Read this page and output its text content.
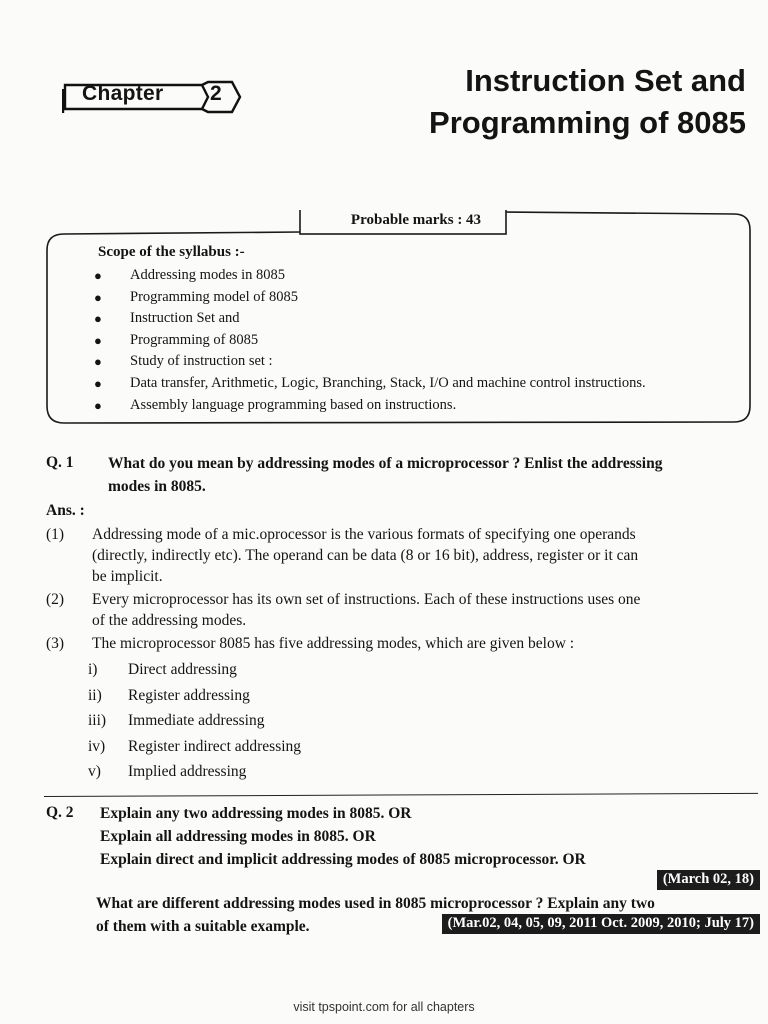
Chapter 2	Instruction Set and
Programming of 8085
Probable marks : 43
Scope of the syllabus :-
● Addressing modes in 8085
● Programming model of 8085
● Instruction Set and
● Programming of 8085
● Study of instruction set :
● Data transfer, Arithmetic, Logic, Branching, Stack, I/O and machine control instructions.
● Assembly language programming based on instructions.
Q. 1 What do you mean by addressing modes of a microprocessor ? Enlist the addressing
modes in 8085.
Ans. :
(1) Addressing mode of a mic.oprocessor is the various formats of specifying one operands
(directly, indirectly etc). The operand can be data (8 or 16 bit), address, register or it can
be implicit.
(2) Every microprocessor has its own set of instructions. Each of these instructions uses one
of the addressing modes.
(3) The microprocessor 8085 has five addressing modes, which are given below :
i) Direct addressing
ii) Register addressing
iii) Immediate addressing
iv) Register indirect addressing
v) Implied addressing
Q. 2 Explain any two addressing modes in 8085. OR
Explain all addressing modes in 8085. OR
Explain direct and implicit addressing modes of 8085 microprocessor. OR
(March 02, 18)
What are different addressing modes used in 8085 microprocessor ? Explain any two
of them with a suitable example.	(Mar.02, 04, 05, 09, 2011 Oct. 2009, 2010; July 17)
visit tpspoint.com for all chapters
